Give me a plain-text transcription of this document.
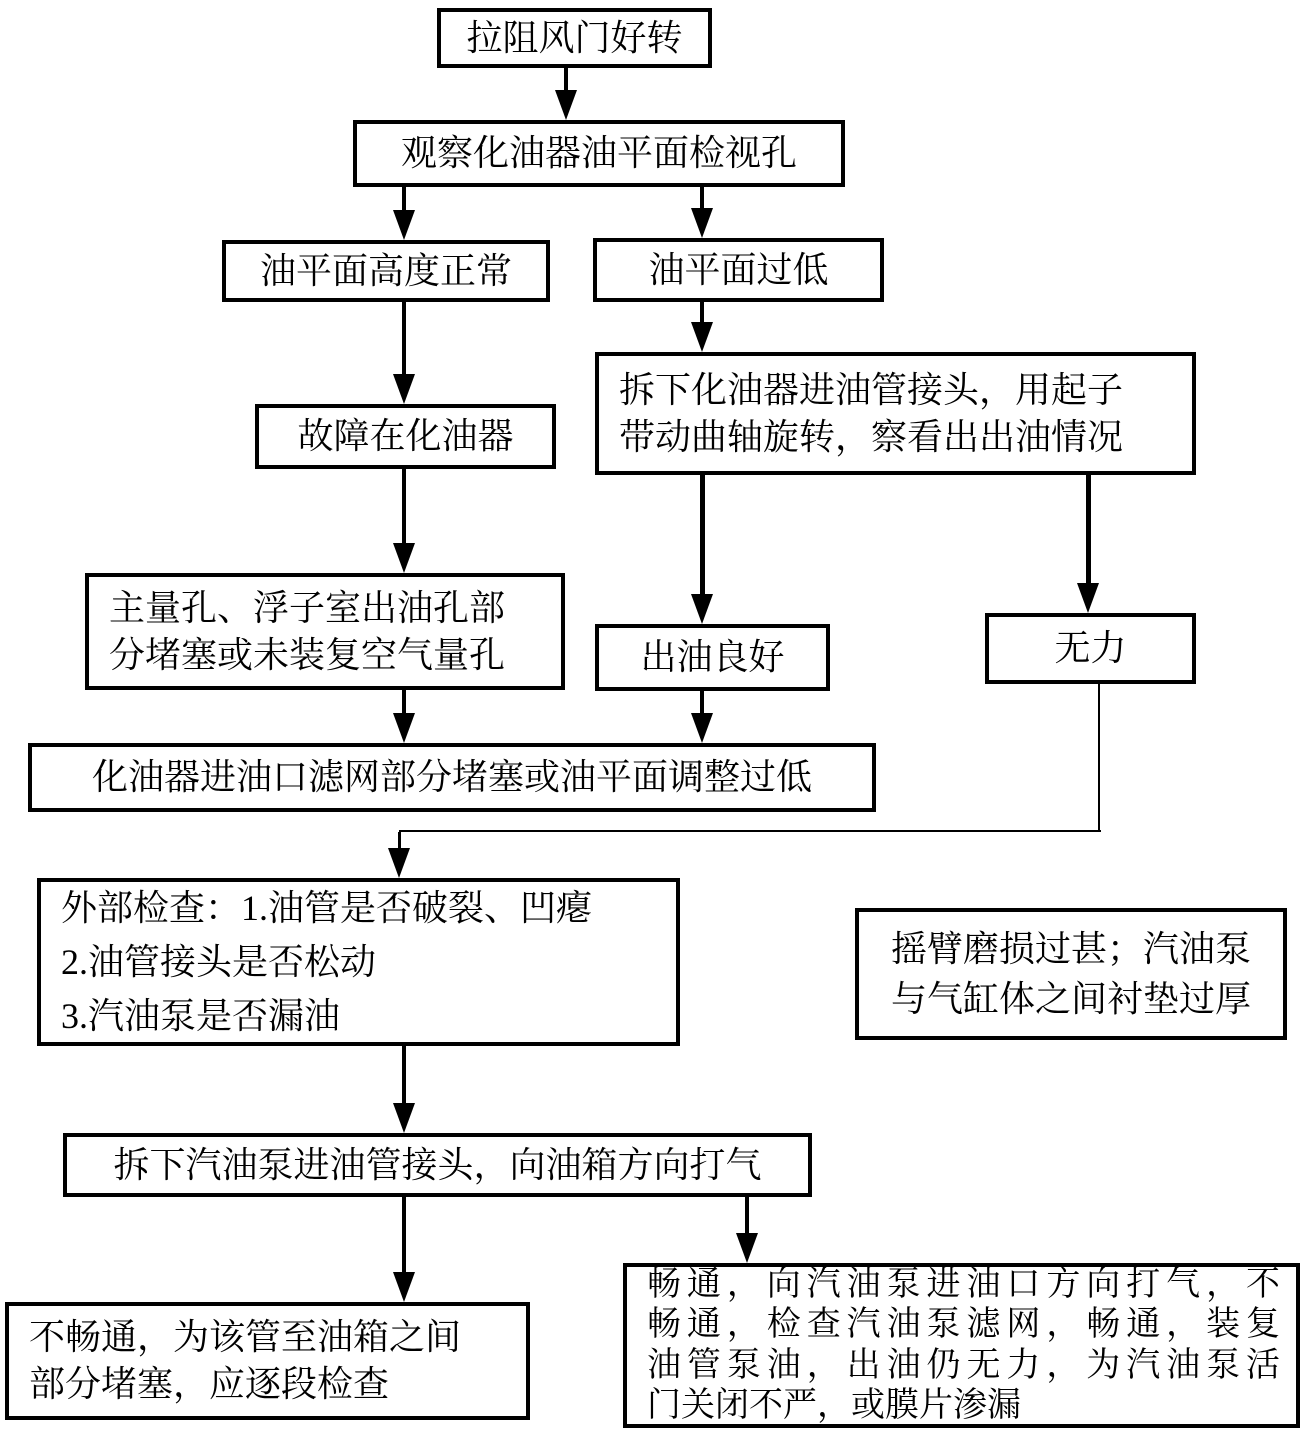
拉阻风门好转
观察化油器油平面检视孔
油平面高度正常	油平面过低
故障在化油器
拆下化油器进油管接头，用起子
带动曲轴旋转，察看出出油情况
主量孔、浮子室出油孔部
分堵塞或未装复空气量孔	出油良好	无力
化油器进油口滤网部分堵塞或油平面调整过低
外部检查：1.油管是否破裂、凹瘪
2.油管接头是否松动
3.汽油泵是否漏油
摇臂磨损过甚；汽油泵
与气缸体之间衬垫过厚
拆下汽油泵进油管接头，向油箱方向打气
不畅通，为该管至油箱之间
部分堵塞，应逐段检查
畅通，向汽油泵进油口方向打气，不
畅通，检查汽油泵滤网，畅通，装复
油管泵油，出油仍无力，为汽油泵活
门关闭不严，或膜片渗漏
